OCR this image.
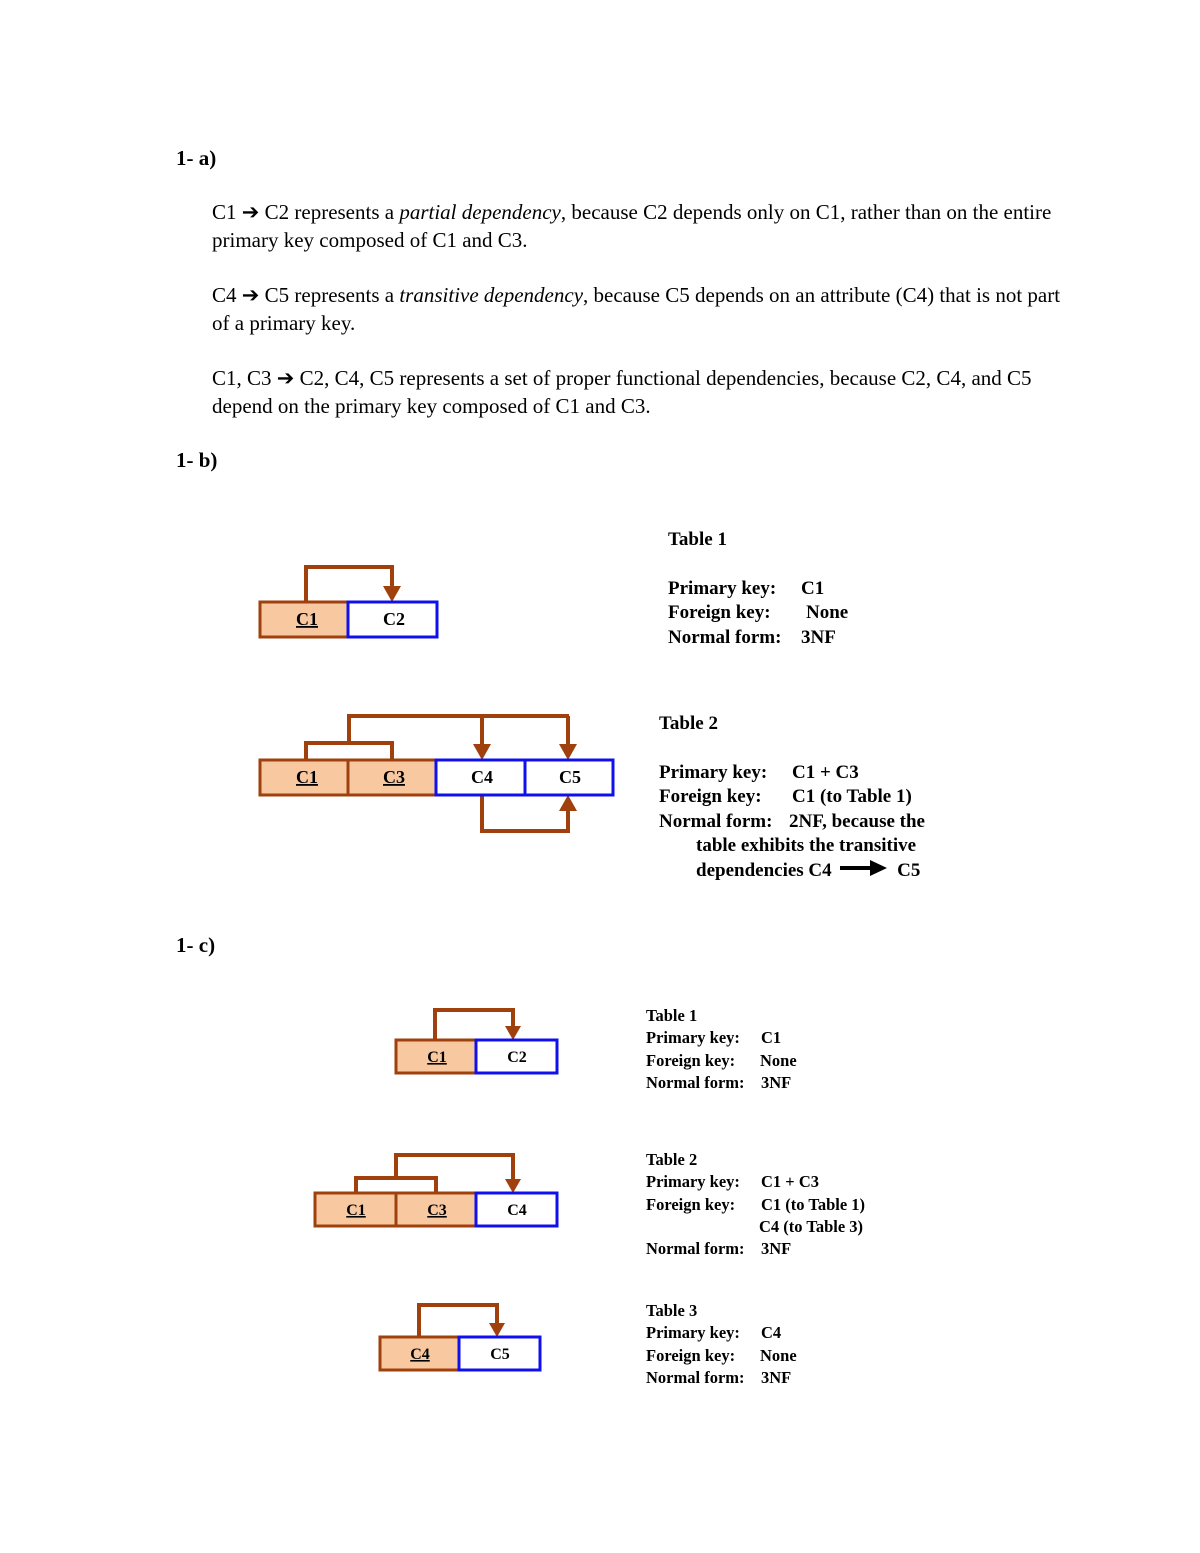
1- a)
C1 ➔ C2 represents a partial dependency, because C2 depends only on C1, rather than on the entire primary key composed of C1 and C3.
C4 ➔ C5 represents a transitive dependency, because C5 depends on an attribute (C4) that is not part of a primary key.
C1, C3 ➔ C2, C4, C5 represents a set of proper functional dependencies, because C2, C4, and C5 depend on the primary key composed of C1 and C3.
1- b)
C1	C2
C1	C3	C4	C5
C1	C2
C1	C3	C4
C4	C5
Table 1
Primary key: C1
Foreign key: None
Normal form: 3NF
Table 2
Primary key: C1 + C3
Foreign key: C1 (to Table 1)
Normal form: 2NF, because the
table exhibits the transitive
dependencies C4	C5
1- c)
Table 1
Primary key: C1
Foreign key: None
Normal form: 3NF
Table 2
Primary key: C1 + C3
Foreign key: C1 (to Table 1)
C4 (to Table 3)
Normal form: 3NF
Table 3
Primary key: C4
Foreign key: None
Normal form: 3NF
